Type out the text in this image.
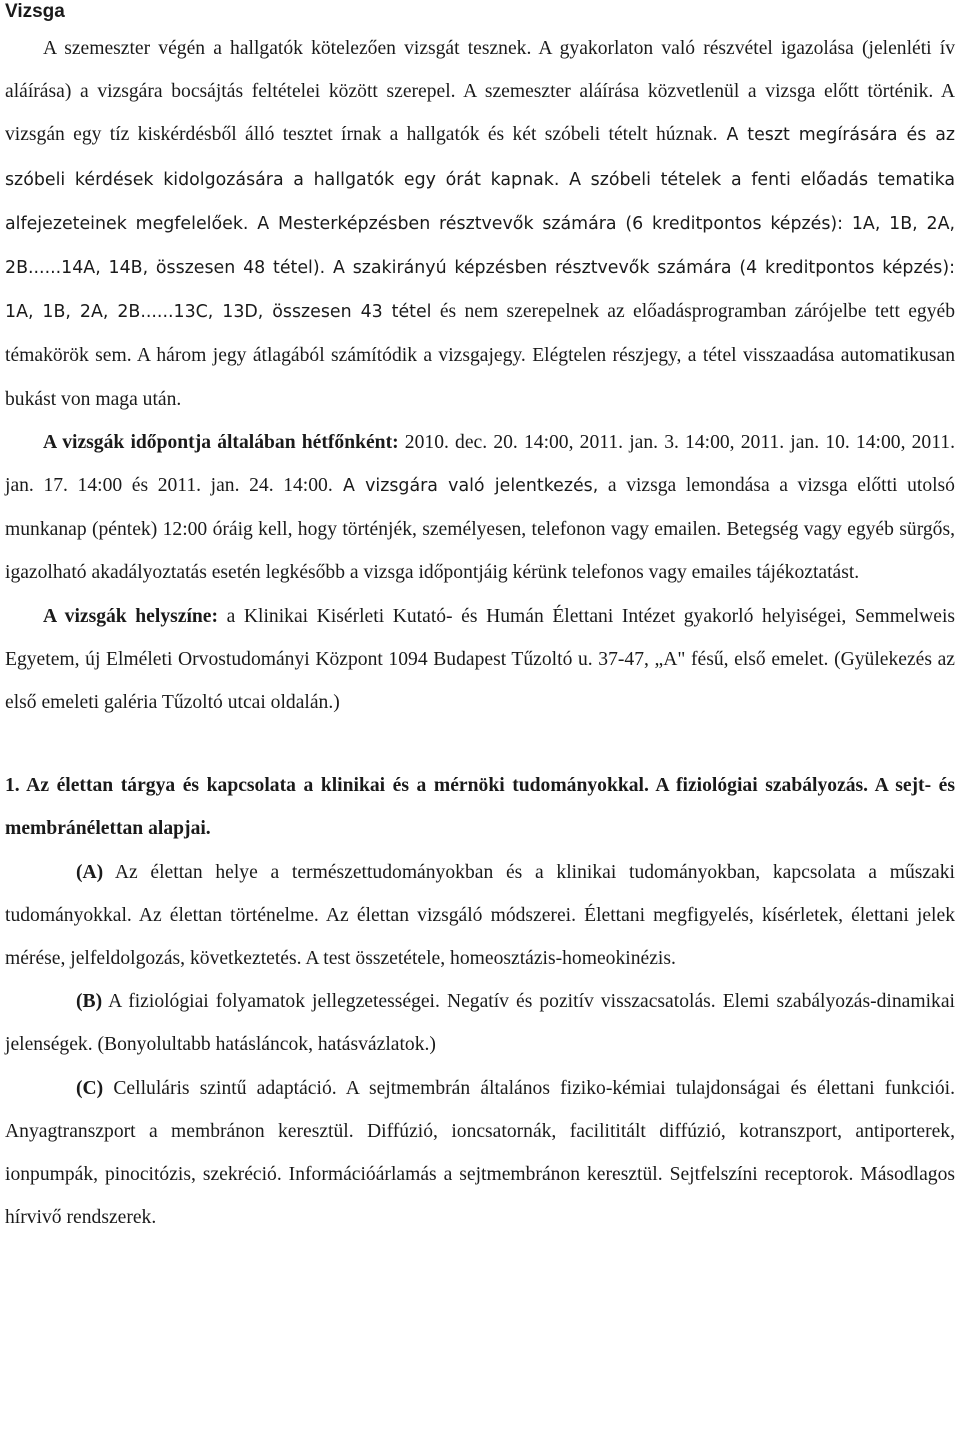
Vizsga

A szemeszter végén a hallgatók kötelezően vizsgát tesznek. A gyakorlaton való részvétel igazolása (jelenléti ív aláírása) a vizsgára bocsájtás feltételei között szerepel. A szemeszter aláírása közvetlenül a vizsga előtt történik. A vizsgán egy tíz kiskérdésből álló tesztet írnak a hallgatók és két szóbeli tételt húznak. A teszt megírására és az szóbeli kérdések kidolgozására a hallgatók egy órát kapnak. A szóbeli tételek a fenti előadás tematika alfejezeteinek megfelelőek. A Mesterképzésben résztvevők számára (6 kreditpontos képzés): 1A, 1B, 2A, 2B......14A, 14B, összesen 48 tétel). A szakirányú képzésben résztvevők számára (4 kreditpontos képzés): 1A, 1B, 2A, 2B......13C, 13D, összesen 43 tétel és nem szerepelnek az előadásprogramban zárójelbe tett egyéb témakörök sem. A három jegy átlagából számítódik a vizsgajegy. Elégtelen részjegy, a tétel visszaadása automatikusan bukást von maga után.

A vizsgák időpontja általában hétfőnként: 2010. dec. 20. 14:00, 2011. jan. 3. 14:00, 2011. jan. 10. 14:00, 2011. jan. 17. 14:00 és 2011. jan. 24. 14:00. A vizsgára való jelentkezés, a vizsga lemondása a vizsga előtti utolsó munkanap (péntek) 12:00 óráig kell, hogy történjék, személyesen, telefonon vagy emailen. Betegség vagy egyéb sürgős, igazolható akadályoztatás esetén legkésőbb a vizsga időpontjáig kérünk telefonos vagy emailes tájékoztatást.

A vizsgák helyszíne: a Klinikai Kisérleti Kutató- és Humán Élettani Intézet gyakorló helyiségei, Semmelweis Egyetem, új Elméleti Orvostudományi Központ 1094 Budapest Tűzoltó u. 37-47, „A" fésű, első emelet. (Gyülekezés az első emeleti galéria Tűzoltó utcai oldalán.)

1. Az élettan tárgya és kapcsolata a klinikai és a mérnöki tudományokkal. A fiziológiai szabályozás. A sejt- és membránélettan alapjai.

(A) Az élettan helye a természettudományokban és a klinikai tudományokban, kapcsolata a műszaki tudományokkal. Az élettan történelme. Az élettan vizsgáló módszerei. Élettani megfigyelés, kísérletek, élettani jelek mérése, jelfeldolgozás, következtetés. A test összetétele, homeosztázis-homeokinézis.

(B) A fiziológiai folyamatok jellegzetességei. Negatív és pozitív visszacsatolás. Elemi szabályozás-dinamikai jelenségek. (Bonyolultabb hatásláncok, hatásvázlatok.)

(C) Celluláris szintű adaptáció. A sejtmembrán általános fiziko-kémiai tulajdonságai és élettani funkciói. Anyagtranszport a membránon keresztül. Diffúzió, ioncsatornák, facilititált diffúzió, kotranszport, antiporterek, ionpumpák, pinocitózis, szekréció. Információárlamás a sejtmembránon keresztül. Sejtfelszíni receptorok. Másodlagos hírvivő rendszerek.
